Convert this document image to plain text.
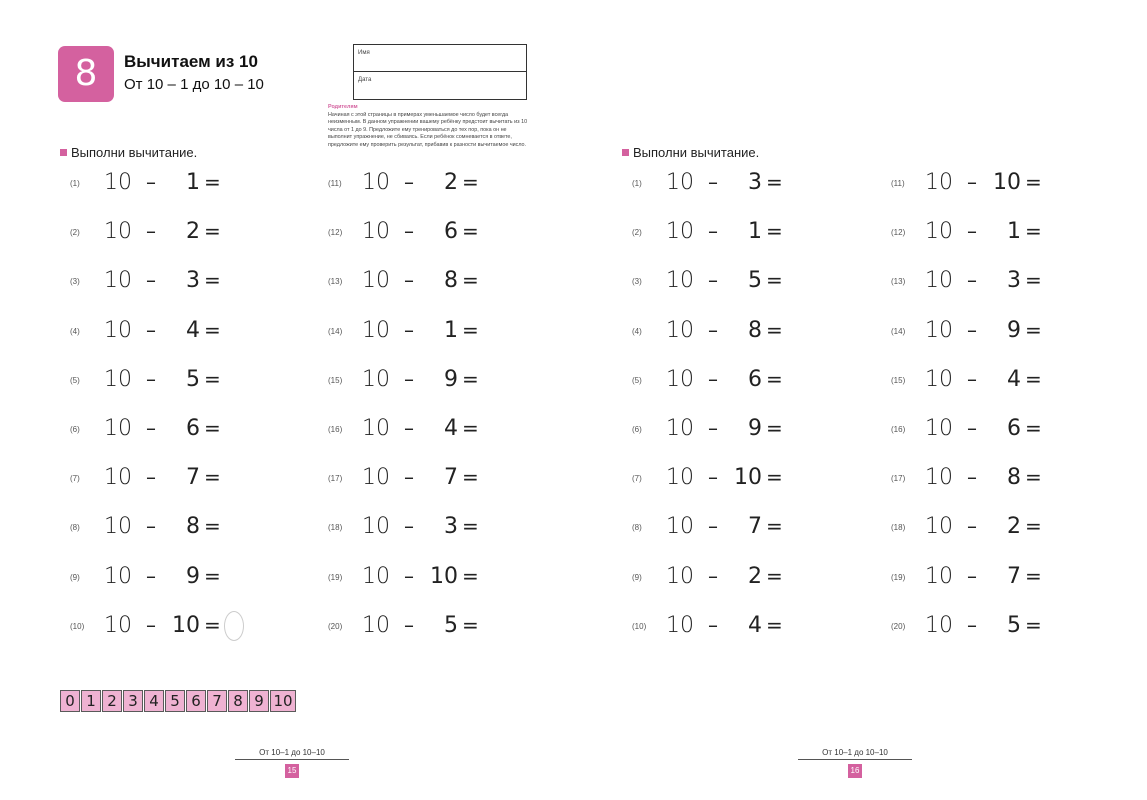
8	Вычитаем из 10
От 10 – 1 до 10 – 10
Имя
Дата
Родителям
Начиная с этой страницы в примерах уменьшаемое число будет всегда неизменным. В данном упражнении вашему ребёнку предстоит вычитать из 10 числа от 1 до 9. Предложите ему тренироваться до тех пор, пока он не выполнит упражнение, не сбиваясь. Если ребёнок сомневается в ответе, предложите ему проверить результат, прибавив к разности вычитаемое число.
Выполни вычитание.
(1)	10 –	1 =
(2)	10 –	2 =
(3)	10 –	3 =
(4)	10 –	4 =
(5)	10 –	5 =
(6)	10 –	6 =
(7)	10 –	7 =
(8)	10 –	8 =
(9)	10 –	9 =
(10) 10 – 10 =
(11) 10 –	2 =
(12) 10 –	6 =
(13) 10 –	8 =
(14) 10 –	1 =
(15) 10 –	9 =
(16) 10 –	4 =
(17) 10 –	7 =
(18) 10 –	3 =
(19) 10 – 10 =
(20) 10 –	5 =
0 1 2 3 4 5 6 7 8 9 10
От 10–1 до 10–10
15
Выполни вычитание.
(1)	10 –	3 =
(2)	10 –	1 =
(3)	10 –	5 =
(4)	10 –	8 =
(5)	10 –	6 =
(6)	10 –	9 =
(7)	10 – 10 =
(8)	10 –	7 =
(9)	10 –	2 =
(10) 10 –	4 =
(11) 10 – 10 =
(12) 10 –	1 =
(13) 10 –	3 =
(14) 10 –	9 =
(15) 10 –	4 =
(16) 10 –	6 =
(17) 10 –	8 =
(18) 10 –	2 =
(19) 10 –	7 =
(20) 10 –	5 =
От 10–1 до 10–10
16
